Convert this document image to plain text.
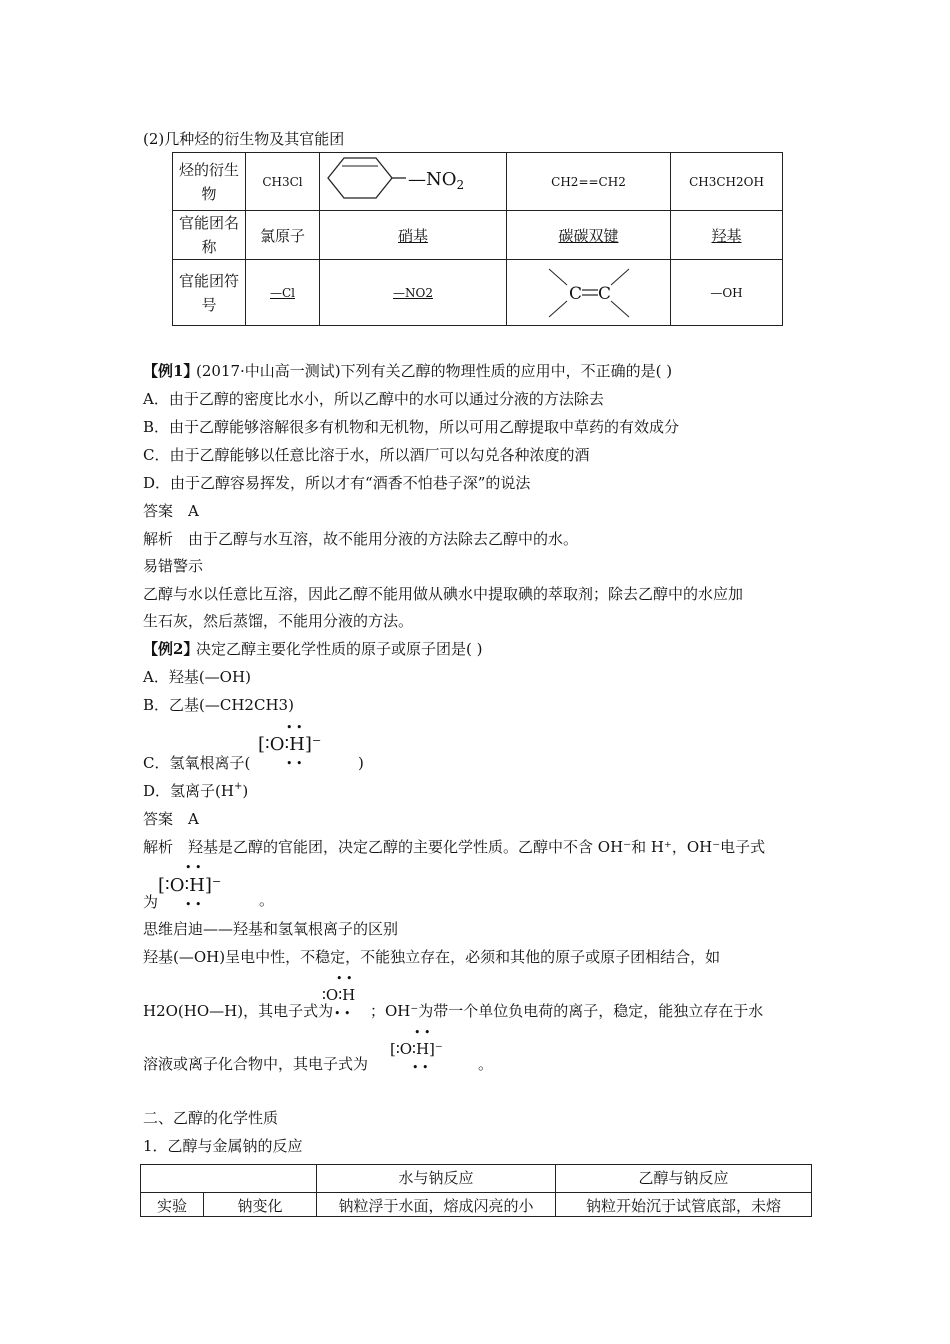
(2)几种烃的衍生物及其官能团
烃的衍生物	CH3Cl	$—NO_2$	CH2==CH2	CH3CH2OH
官能团名称	氯原子	硝基	碳碳双键	羟基
官能团符号	—Cl	—NO2	C C	—OH
【例1】
(2017·中山高一测试)下列有关乙醇的物理性质的应用中，不正确的是( )
A．由于乙醇的密度比水小，所以乙醇中的水可以通过分液的方法除去
B．由于乙醇能够溶解很多有机物和无机物，所以可用乙醇提取中草药的有效成分
C．由于乙醇能够以任意比溶于水，所以酒厂可以勾兑各种浓度的酒
D．由于乙醇容易挥发，所以才有“酒香不怕巷子深”的说法
答案　A
解析　由于乙醇与水互溶，故不能用分液的方法除去乙醇中的水。
易错警示
乙醇与水以任意比互溶，因此乙醇不能用做从碘水中提取碘的萃取剂；除去乙醇中的水应加
生石灰，然后蒸馏，不能用分液的方法。
【例2】
决定乙醇主要化学性质的原子或原子团是( )
A．羟基(—OH)
B．乙基(—CH2CH3)
C．氢氧根离子(
• •
[∶O∶H]⁻
• •	)
D．氢离子(H+)
答案　A
解析　羟基是乙醇的官能团，决定乙醇的主要化学性质。乙醇中不含 OH⁻和 H⁺，OH⁻电子式
• •
[∶O∶H]⁻
• •
为	。
思维启迪——羟基和氢氧根离子的区别
羟基(—OH)呈电中性，不稳定，不能独立存在，必须和其他的原子或原子团相结合，如
H2O(HO—H)，其电子式为
• •
∶O∶H
• • ；OH⁻为带一个单位负电荷的离子，稳定，能独立存在于水
溶液或离子化合物中，其电子式为
• •
[∶O∶H]⁻
• •	。
二、乙醇的化学性质
1．乙醇与金属钠的反应
		水与钠反应	乙醇与钠反应
实验	钠变化	钠粒浮于水面，熔成闪亮的小	钠粒开始沉于试管底部，未熔
